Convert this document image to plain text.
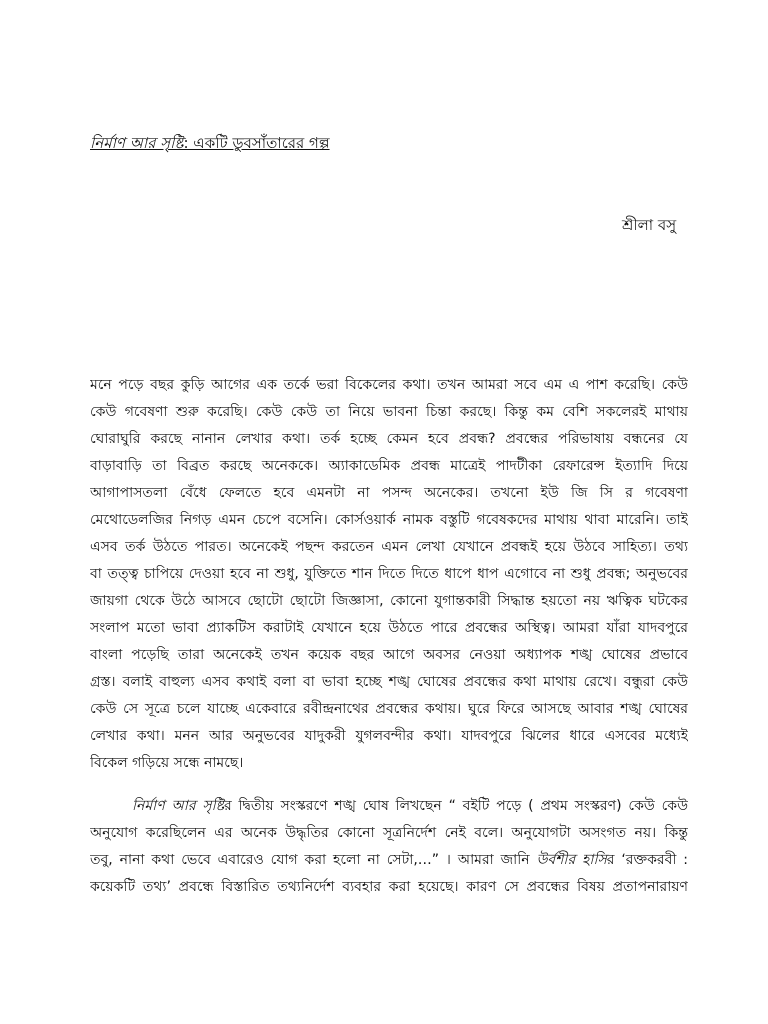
নির্মাণ আর সৃষ্টি: একটি ডুবসাঁতারের গল্প
শ্রীলা বসু

মনে পড়ে বছর কুড়ি আগের এক তর্কে ভরা বিকেলের কথা। তখন আমরা সবে এম এ পাশ করেছি। কেউ
কেউ গবেষণা শুরু করেছি। কেউ কেউ তা নিয়ে ভাবনা চিন্তা করছে। কিন্তু কম বেশি সকলেরই মাথায়
ঘোরাঘুরি করছে নানান লেখার কথা। তর্ক হচ্ছে কেমন হবে প্রবন্ধ? প্রবন্ধের পরিভাষায় বন্ধনের যে
বাড়াবাড়ি তা বিব্রত করছে অনেককে। অ্যাকাডেমিক প্রবন্ধ মাত্রেই পাদটীকা রেফারেন্স ইত্যাদি দিয়ে
আগাপাসতলা বেঁধে ফেলতে হবে এমনটা না পসন্দ অনেকের। তখনো ইউ জি সি র গবেষণা
মেথোডেলজির নিগড় এমন চেপে বসেনি। কোর্সওয়ার্ক নামক বস্তুটি গবেষকদের মাথায় থাবা মারেনি। তাই
এসব তর্ক উঠতে পারত। অনেকেই পছন্দ করতেন এমন লেখা যেখানে প্রবন্ধই হয়ে উঠবে সাহিত্য। তথ্য
বা তত্ত্ব চাপিয়ে দেওয়া হবে না শুধু, যুক্তিতে শান দিতে দিতে ধাপে ধাপ এগোবে না শুধু প্রবন্ধ; অনুভবের
জায়গা থেকে উঠে আসবে ছোটো ছোটো জিজ্ঞাসা, কোনো যুগান্তকারী সিদ্ধান্ত হয়তো নয় ঋত্বিক ঘটকের
সংলাপ মতো ভাবা প্র্যাকটিস করাটাই যেখানে হয়ে উঠতে পারে প্রবন্ধের অস্থিত্ব। আমরা যাঁরা যাদবপুরে
বাংলা পড়েছি তারা অনেকেই তখন কয়েক বছর আগে অবসর নেওয়া অধ্যাপক শঙ্খ ঘোষের প্রভাবে
গ্রস্ত। বলাই বাহুল্য এসব কথাই বলা বা ভাবা হচ্ছে শঙ্খ ঘোষের প্রবন্ধের কথা মাথায় রেখে। বন্ধুরা কেউ
কেউ সে সূত্রে চলে যাচ্ছে একেবারে রবীন্দ্রনাথের প্রবন্ধের কথায়। ঘুরে ফিরে আসছে আবার শঙ্খ ঘোষের
লেখার কথা। মনন আর অনুভবের যাদুকরী যুগলবন্দীর কথা। যাদবপুরে ঝিলের ধারে এসবের মধ্যেই
বিকেল গড়িয়ে সন্ধে নামছে।

নির্মাণ আর সৃষ্টির দ্বিতীয় সংস্করণে শঙ্খ ঘোষ লিখছেন “ বইটি পড়ে ( প্রথম সংস্করণ) কেউ কেউ
অনুযোগ করেছিলেন এর অনেক উদ্ধৃতির কোনো সূত্রনির্দেশ নেই বলে। অনুযোগটা অসংগত নয়। কিন্তু
তবু, নানা কথা ভেবে এবারেও যোগ করা হলো না সেটা,…” । আমরা জানি উর্বশীর হাসির ‘রক্তকরবী :
কয়েকটি তথ্য’ প্রবন্ধে বিস্তারিত তথ্যনির্দেশ ব্যবহার করা হয়েছে। কারণ সে প্রবন্ধের বিষয় প্রতাপনারায়ণ
